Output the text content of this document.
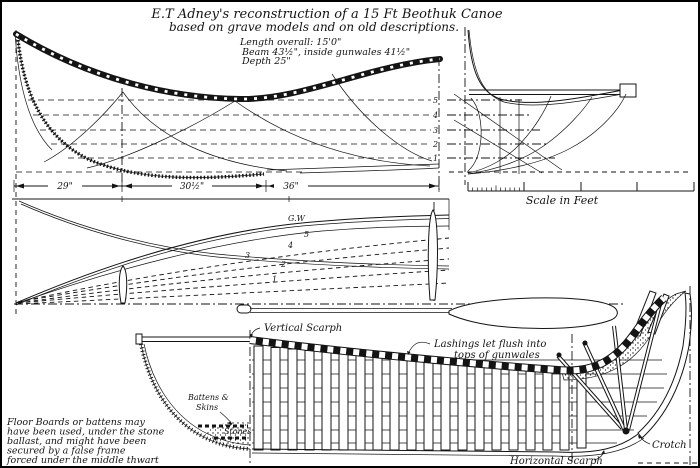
E.T Adney's reconstruction of a 15 Ft Beothuk Canoe
based on grave models and on old descriptions.
Length overall: 15'0"
Beam 43½", inside gunwales 41½"
Depth 25"
5
4
3
2
1
29"	30½"	36"
Scale in Feet
G.W
5
4
3
2
1
Battens &
Skins
Stones
Floor Boards or battens may
have been used, under the stone
ballast, and might have been
secured by a false frame
forced under the middle thwart
Vertical Scarph
Lashings let flush into
tops of gunwales
Horizontal Scarph
Crotch
